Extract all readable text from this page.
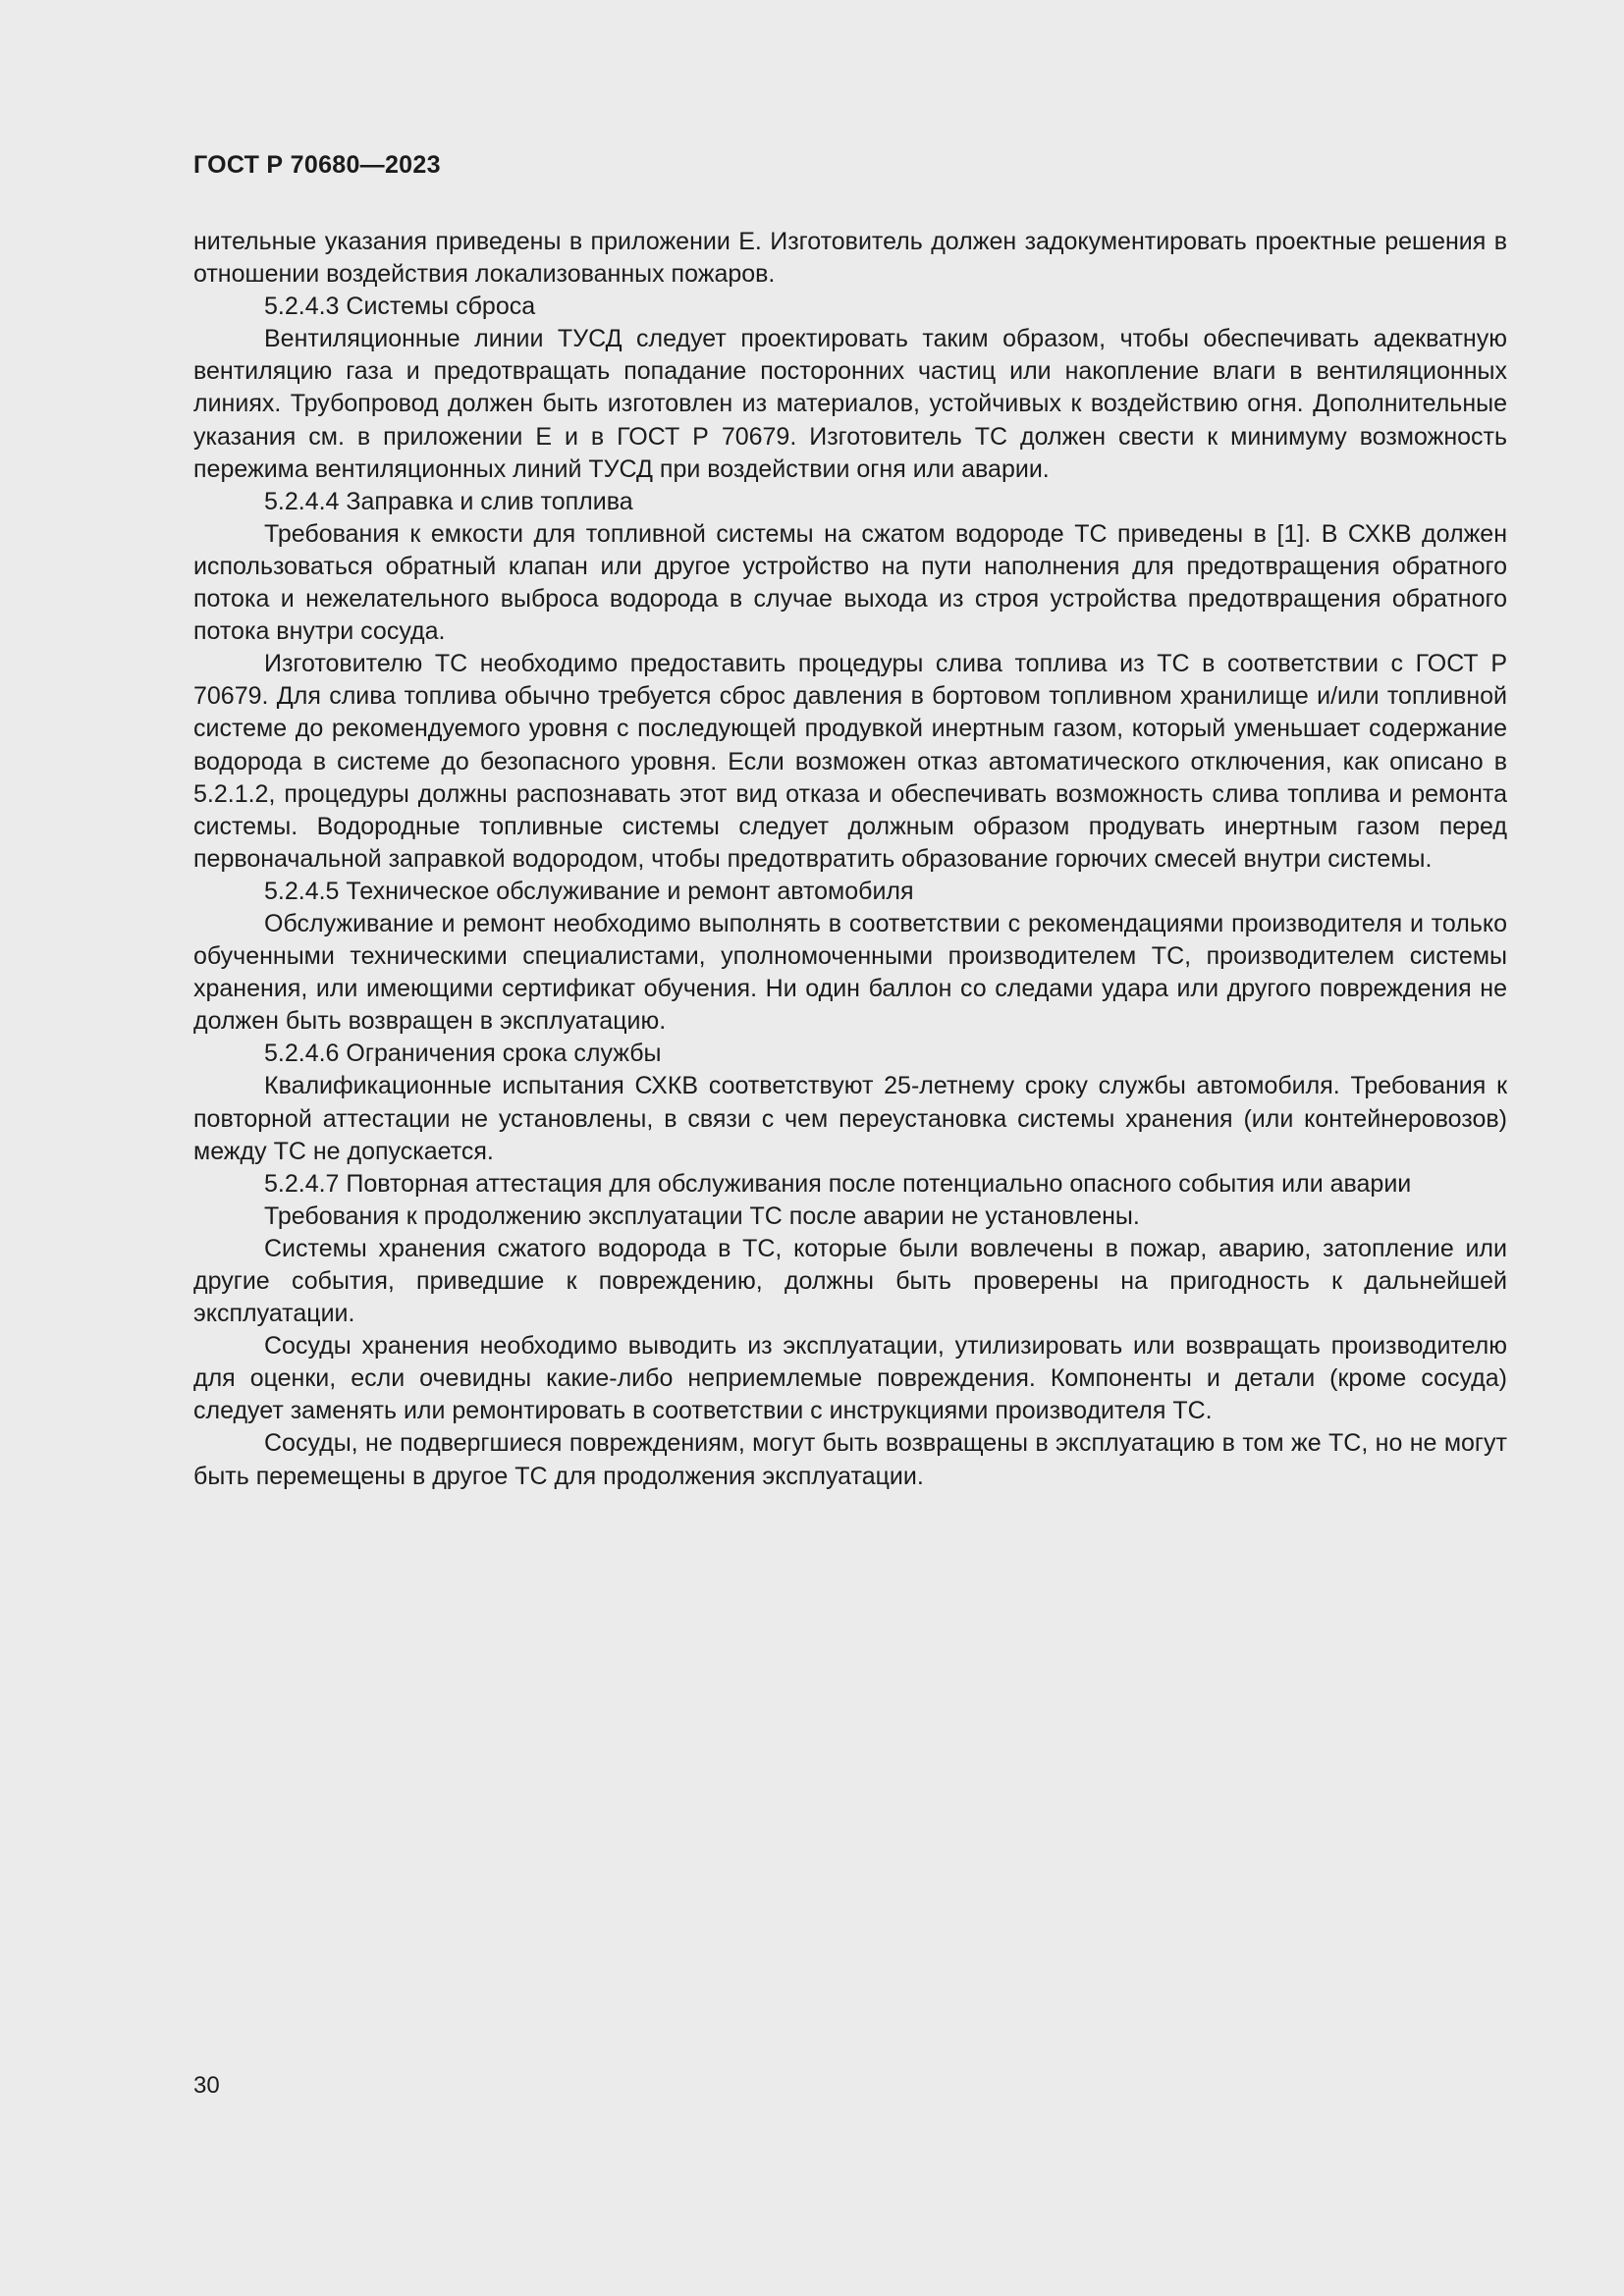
ГОСТ Р 70680—2023

нительные указания приведены в приложении Е. Изготовитель должен задокументировать проектные решения в отношении воздействия локализованных пожаров.

5.2.4.3 Системы сброса

Вентиляционные линии ТУСД следует проектировать таким образом, чтобы обеспечивать адекватную вентиляцию газа и предотвращать попадание посторонних частиц или накопление влаги в вентиляционных линиях. Трубопровод должен быть изготовлен из материалов, устойчивых к воздействию огня. Дополнительные указания см. в приложении Е и в ГОСТ Р 70679. Изготовитель ТС должен свести к минимуму возможность пережима вентиляционных линий ТУСД при воздействии огня или аварии.

5.2.4.4 Заправка и слив топлива

Требования к емкости для топливной системы на сжатом водороде ТС приведены в [1]. В СХКВ должен использоваться обратный клапан или другое устройство на пути наполнения для предотвращения обратного потока и нежелательного выброса водорода в случае выхода из строя устройства предотвращения обратного потока внутри сосуда.

Изготовителю ТС необходимо предоставить процедуры слива топлива из ТС в соответствии с ГОСТ Р 70679. Для слива топлива обычно требуется сброс давления в бортовом топливном хранилище и/или топливной системе до рекомендуемого уровня с последующей продувкой инертным газом, который уменьшает содержание водорода в системе до безопасного уровня. Если возможен отказ автоматического отключения, как описано в 5.2.1.2, процедуры должны распознавать этот вид отказа и обеспечивать возможность слива топлива и ремонта системы. Водородные топливные системы следует должным образом продувать инертным газом перед первоначальной заправкой водородом, чтобы предотвратить образование горючих смесей внутри системы.

5.2.4.5 Техническое обслуживание и ремонт автомобиля

Обслуживание и ремонт необходимо выполнять в соответствии с рекомендациями производителя и только обученными техническими специалистами, уполномоченными производителем ТС, производителем системы хранения, или имеющими сертификат обучения. Ни один баллон со следами удара или другого повреждения не должен быть возвращен в эксплуатацию.

5.2.4.6 Ограничения срока службы

Квалификационные испытания СХКВ соответствуют 25-летнему сроку службы автомобиля. Требования к повторной аттестации не установлены, в связи с чем переустановка системы хранения (или контейнеровозов) между ТС не допускается.

5.2.4.7 Повторная аттестация для обслуживания после потенциально опасного события или аварии

Требования к продолжению эксплуатации ТС после аварии не установлены.

Системы хранения сжатого водорода в ТС, которые были вовлечены в пожар, аварию, затопление или другие события, приведшие к повреждению, должны быть проверены на пригодность к дальнейшей эксплуатации.

Сосуды хранения необходимо выводить из эксплуатации, утилизировать или возвращать производителю для оценки, если очевидны какие-либо неприемлемые повреждения. Компоненты и детали (кроме сосуда) следует заменять или ремонтировать в соответствии с инструкциями производителя ТС.

Сосуды, не подвергшиеся повреждениям, могут быть возвращены в эксплуатацию в том же ТС, но не могут быть перемещены в другое ТС для продолжения эксплуатации.

30
